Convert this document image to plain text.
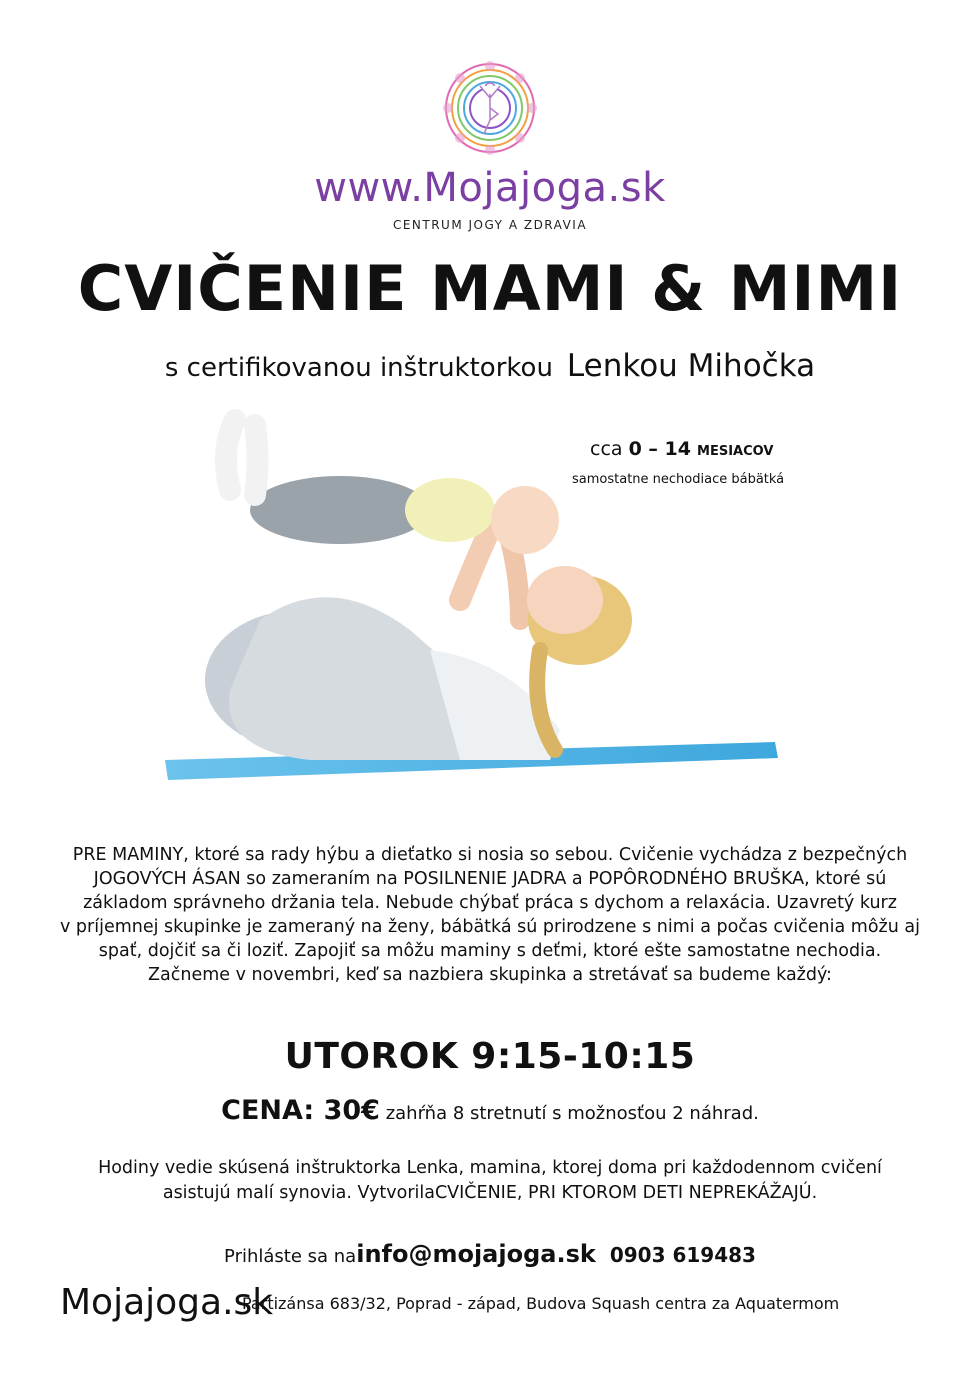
www.Mojajoga.sk
CENTRUM JOGY A ZDRAVIA
CVIČENIE MAMI & MIMI
s certifikovanou inštruktorkou Lenkou Mihočka
cca 0 – 14 MESIACOV
samostatne nechodiace bábätká
PRE MAMINY, ktoré sa rady hýbu a dieťatko si nosia so sebou. Cvičenie vychádza z bezpečných
JOGOVÝCH ÁSAN so zameraním na POSILNENIE JADRA a POPÔRODNÉHO BRUŠKA, ktoré sú
základom správneho držania tela. Nebude chýbať práca s dychom a relaxácia. Uzavretý kurz
v príjemnej skupinke je zameraný na ženy, bábätká sú prirodzene s nimi a počas cvičenia môžu aj
spať, dojčiť sa či loziť. Zapojiť sa môžu maminy s deťmi, ktoré ešte samostatne nechodia.
Začneme v novembri, keď sa nazbiera skupinka a stretávať sa budeme každý:
UTOROK 9:15-10:15
CENA: 30€ zahŕňa 8 stretnutí s možnosťou 2 náhrad.
Hodiny vedie skúsená inštruktorka Lenka, mamina, ktorej doma pri každodennom cvičení
asistujú malí synovia. VytvorilaCVIČENIE, PRI KTOROM DETI NEPREKÁŽAJÚ.
Prihláste sa nainfo@mojajoga.sk 0903 619483
Mojajoga.sk
Partizánsa 683/32, Poprad - západ, Budova Squash centra za Aquatermom
